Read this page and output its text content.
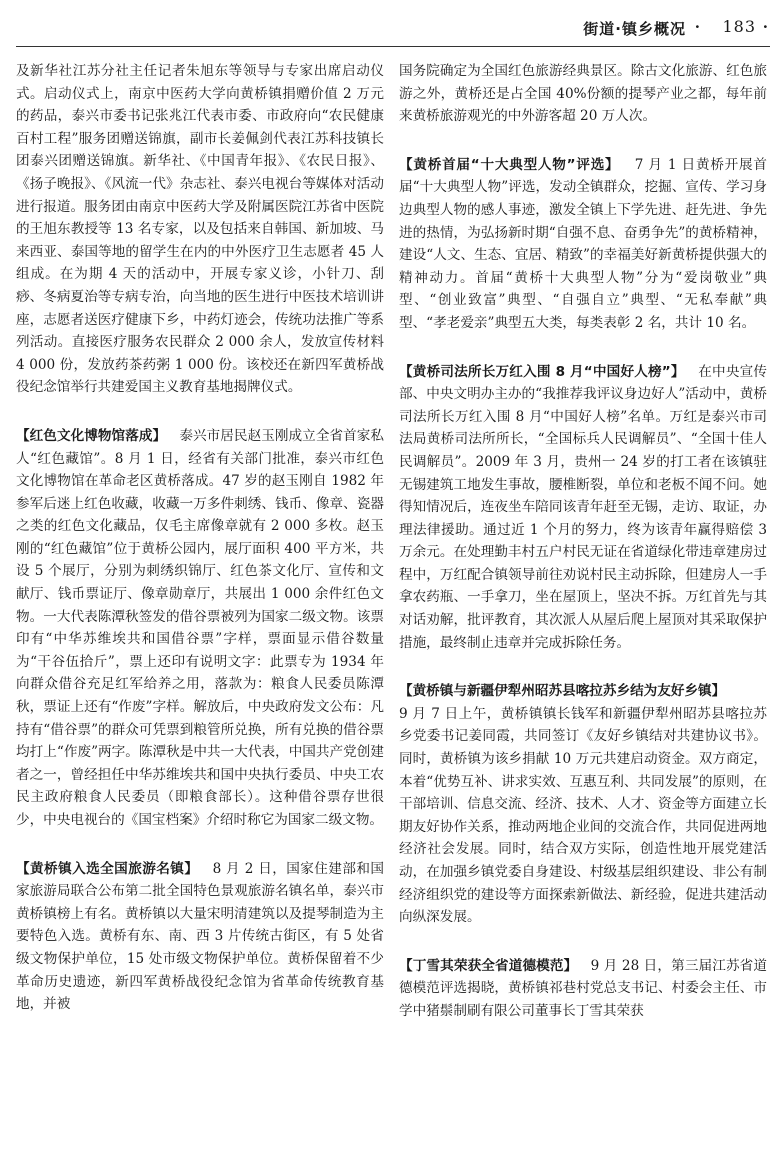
街道·镇乡概况 · 183 ·

及新华社江苏分社主任记者朱旭东等领导与专家出席启动仪式。启动仪式上，南京中医药大学向黄桥镇捐赠价值 2 万元的药品，泰兴市委书记张兆江代表市委、市政府向“农民健康百村工程”服务团赠送锦旗，副市长姜佩剑代表江苏科技镇长团泰兴团赠送锦旗。新华社、《中国青年报》、《农民日报》、《扬子晚报》、《风流一代》杂志社、泰兴电视台等媒体对活动进行报道。服务团由南京中医药大学及附属医院江苏省中医院的王旭东教授等 13 名专家，以及包括来自韩国、新加坡、马来西亚、泰国等地的留学生在内的中外医疗卫生志愿者 45 人组成。在为期 4 天的活动中，开展专家义诊，小针刀、刮痧、冬病夏治等专病专治，向当地的医生进行中医技术培训讲座，志愿者送医疗健康下乡，中药灯迹会，传统功法推广等系列活动。直接医疗服务农民群众 2 000 余人，发放宣传材料 4 000 份，发放药茶药粥 1 000 份。该校还在新四军黄桥战役纪念馆举行共建爱国主义教育基地揭牌仪式。

【红色文化博物馆落成】 泰兴市居民赵玉刚成立全省首家私人“红色藏馆”。8 月 1 日，经省有关部门批准，泰兴市红色文化博物馆在革命老区黄桥落成。47 岁的赵玉刚自 1982 年参军后迷上红色收藏，收藏一万多件刺绣、钱币、像章、瓷器之类的红色文化藏品，仅毛主席像章就有 2 000 多枚。赵玉刚的“红色藏馆”位于黄桥公园内，展厅面积 400 平方米，共设 5 个展厅，分别为刺绣织锦厅、红色茶文化厅、宣传和文献厅、钱币票证厅、像章勋章厅，共展出 1 000 余件红色文物。一大代表陈潭秋签发的借谷票被列为国家二级文物。该票印有“中华苏维埃共和国借谷票”字样，票面显示借谷数量为“干谷伍拾斤”，票上还印有说明文字：此票专为 1934 年向群众借谷充足红军给养之用，落款为：粮食人民委员陈潭秋，票证上还有“作废”字样。解放后，中央政府发文公布：凡持有“借谷票”的群众可凭票到粮管所兑换，所有兑换的借谷票均打上“作废”两字。陈潭秋是中共一大代表，中国共产党创建者之一，曾经担任中华苏维埃共和国中央执行委员、中央工农民主政府粮食人民委员（即粮食部长）。这种借谷票存世很少，中央电视台的《国宝档案》介绍时称它为国家二级文物。

【黄桥镇入选全国旅游名镇】 8 月 2 日，国家住建部和国家旅游局联合公布第二批全国特色景观旅游名镇名单，泰兴市黄桥镇榜上有名。黄桥镇以大量宋明清建筑以及提琴制造为主要特色入选。黄桥有东、南、西 3 片传统古街区，有 5 处省级文物保护单位，15 处市级文物保护单位。黄桥保留着不少革命历史遗迹，新四军黄桥战役纪念馆为省革命传统教育基地，并被

国务院确定为全国红色旅游经典景区。除古文化旅游、红色旅游之外，黄桥还是占全国 40%份额的提琴产业之都，每年前来黄桥旅游观光的中外游客超 20 万人次。

【黄桥首届“十大典型人物”评选】 7 月 1 日黄桥开展首届“十大典型人物”评选，发动全镇群众，挖掘、宣传、学习身边典型人物的感人事迹，激发全镇上下学先进、赶先进、争先进的热情，为弘扬新时期“自强不息、奋勇争先”的黄桥精神，建设“人文、生态、宜居、精致”的幸福美好新黄桥提供强大的精神动力。首届“黄桥十大典型人物”分为“爱岗敬业”典型、“创业致富”典型、“自强自立”典型、“无私奉献”典型、“孝老爱亲”典型五大类，每类表彰 2 名，共计 10 名。

【黄桥司法所长万红入围 8 月“中国好人榜”】 在中央宣传部、中央文明办主办的“我推荐我评议身边好人”活动中，黄桥司法所长万红入围 8 月“中国好人榜”名单。万红是泰兴市司法局黄桥司法所所长，“全国标兵人民调解员”、“全国十佳人民调解员”。2009 年 3 月，贵州一 24 岁的打工者在该镇驻无锡建筑工地发生事故，腰椎断裂，单位和老板不闻不问。她得知情况后，连夜坐车陪同该青年赶至无锡，走访、取证，办理法律援助。通过近 1 个月的努力，终为该青年赢得赔偿 3 万余元。在处理勤丰村五户村民无证在省道绿化带违章建房过程中，万红配合镇领导前往劝说村民主动拆除，但建房人一手拿农药瓶、一手拿刀，坐在屋顶上，坚决不拆。万红首先与其对话劝解，批评教育，其次派人从屋后爬上屋顶对其采取保护措施，最终制止违章并完成拆除任务。

【黄桥镇与新疆伊犁州昭苏县喀拉苏乡结为友好乡镇】
9 月 7 日上午，黄桥镇镇长钱军和新疆伊犁州昭苏县喀拉苏乡党委书记姜同霞，共同签订《友好乡镇结对共建协议书》。同时，黄桥镇为该乡捐献 10 万元共建启动资金。双方商定，本着“优势互补、讲求实效、互惠互利、共同发展”的原则，在干部培训、信息交流、经济、技术、人才、资金等方面建立长期友好协作关系，推动两地企业间的交流合作，共同促进两地经济社会发展。同时，结合双方实际，创造性地开展党建活动，在加强乡镇党委自身建设、村级基层组织建设、非公有制经济组织党的建设等方面探索新做法、新经验，促进共建活动向纵深发展。

【丁雪其荣获全省道德模范】 9 月 28 日，第三届江苏省道德模范评选揭晓，黄桥镇祁巷村党总支书记、村委会主任、市学中猪鬃制刷有限公司董事长丁雪其荣获
